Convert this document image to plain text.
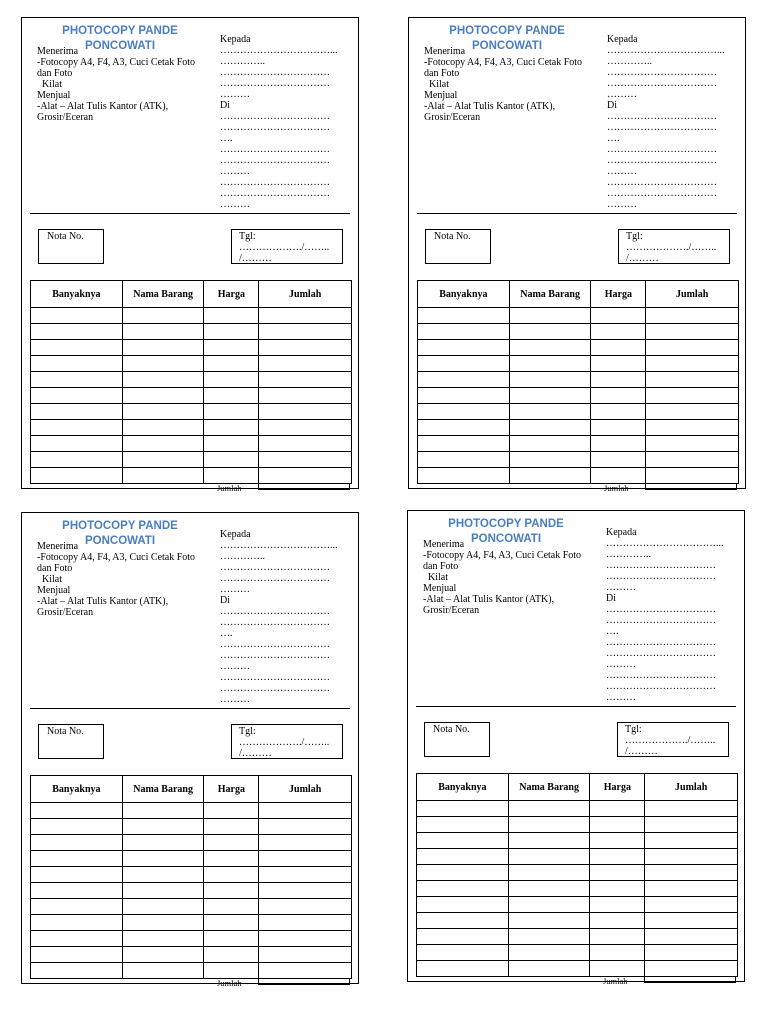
PHOTOCOPY PANDE
PONCOWATI
Menerima
-Fotocopy A4, F4, A3, Cuci Cetak Foto
dan Foto
Kilat
Menjual
-Alat – Alat Tulis Kantor (ATK),
Grosir/Eceran
Kepada
……………………………...
…………..
……………………………
……………………………
………
Di
……………………………
……………………………
….
……………………………
……………………………
………
……………………………
……………………………
………
Nota No.	Tgl:
………………./……..
/………
Banyaknya	Nama Barang	Harga	Jumlah

Jumlah
PHOTOCOPY PANDE
PONCOWATI
Menerima
-Fotocopy A4, F4, A3, Cuci Cetak Foto
dan Foto
Kilat
Menjual
-Alat – Alat Tulis Kantor (ATK),
Grosir/Eceran
Kepada
……………………………...
…………..
……………………………
……………………………
………
Di
……………………………
……………………………
….
……………………………
……………………………
………
……………………………
……………………………
………
Nota No.	Tgl:
………………./……..
/………
Banyaknya	Nama Barang	Harga	Jumlah

Jumlah
PHOTOCOPY PANDE
PONCOWATI
Menerima
-Fotocopy A4, F4, A3, Cuci Cetak Foto
dan Foto
Kilat
Menjual
-Alat – Alat Tulis Kantor (ATK),
Grosir/Eceran
Kepada
……………………………...
…………..
……………………………
……………………………
………
Di
……………………………
……………………………
….
……………………………
……………………………
………
……………………………
……………………………
………
Nota No.	Tgl:
………………./……..
/………
Banyaknya	Nama Barang	Harga	Jumlah

Jumlah
PHOTOCOPY PANDE
PONCOWATI
Menerima
-Fotocopy A4, F4, A3, Cuci Cetak Foto
dan Foto
Kilat
Menjual
-Alat – Alat Tulis Kantor (ATK),
Grosir/Eceran
Kepada
……………………………...
…………..
……………………………
……………………………
………
Di
……………………………
……………………………
….
……………………………
……………………………
………
……………………………
……………………………
………
Nota No.	Tgl:
………………./……..
/………
Banyaknya	Nama Barang	Harga	Jumlah

Jumlah
